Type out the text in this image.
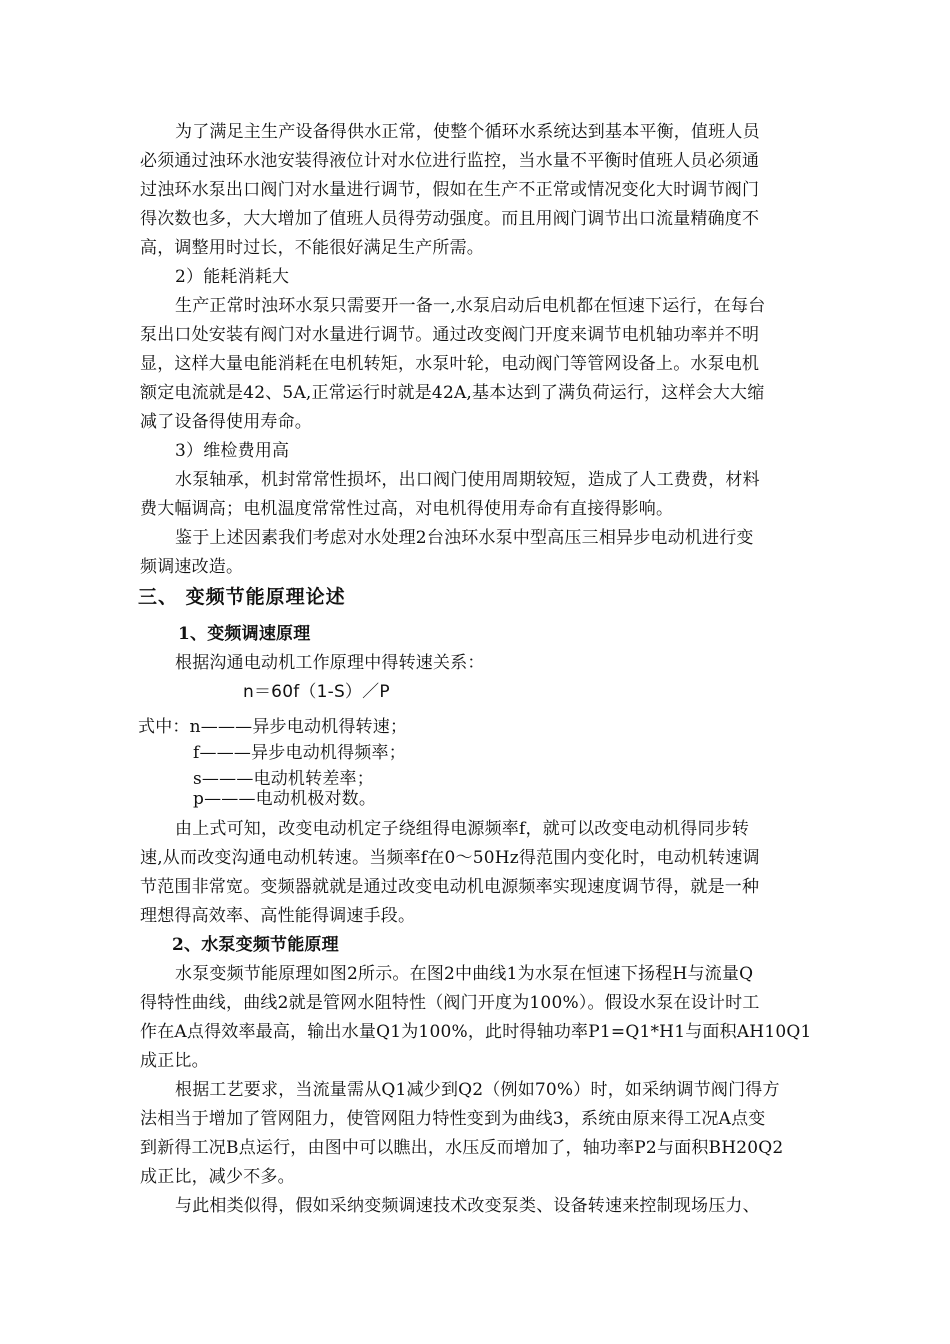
为了满足主生产设备得供水正常，使整个循环水系统达到基本平衡，值班人员
必须通过浊环水池安装得液位计对水位进行监控，当水量不平衡时值班人员必须通
过浊环水泵出口阀门对水量进行调节，假如在生产不正常或情况变化大时调节阀门
得次数也多，大大增加了值班人员得劳动强度。而且用阀门调节出口流量精确度不
高，调整用时过长，不能很好满足生产所需。
2）能耗消耗大
生产正常时浊环水泵只需要开一备一,水泵启动后电机都在恒速下运行，在每台
泵出口处安装有阀门对水量进行调节。通过改变阀门开度来调节电机轴功率并不明
显，这样大量电能消耗在电机转矩，水泵叶轮，电动阀门等管网设备上。水泵电机
额定电流就是42、5A,正常运行时就是42A,基本达到了满负荷运行，这样会大大缩
减了设备得使用寿命。
3）维检费用高
水泵轴承，机封常常性损坏，出口阀门使用周期较短，造成了人工费费，材料
费大幅调高；电机温度常常性过高，对电机得使用寿命有直接得影响。
鉴于上述因素我们考虑对水处理2台浊环水泵中型高压三相异步电动机进行变
频调速改造。
三、 变频节能原理论述
1、变频调速原理
根据沟通电动机工作原理中得转速关系：
n＝60f（1-S）／P
式中：n———异步电动机得转速；
f———异步电动机得频率；
s———电动机转差率；
p———电动机极对数。
由上式可知，改变电动机定子绕组得电源频率f，就可以改变电动机得同步转
速,从而改变沟通电动机转速。当频率f在0～50Hz得范围内变化时，电动机转速调
节范围非常宽。变频器就就是通过改变电动机电源频率实现速度调节得，就是一种
理想得高效率、高性能得调速手段。
2、水泵变频节能原理
水泵变频节能原理如图2所示。在图2中曲线1为水泵在恒速下扬程H与流量Q
得特性曲线，曲线2就是管网水阻特性（阀门开度为100%）。假设水泵在设计时工
作在A点得效率最高，输出水量Q1为100%，此时得轴功率P1=Q1*H1与面积AH10Q1
成正比。
根据工艺要求，当流量需从Q1减少到Q2（例如70%）时，如采纳调节阀门得方
法相当于增加了管网阻力，使管网阻力特性变到为曲线3，系统由原来得工况A点变
到新得工况B点运行，由图中可以瞧出，水压反而增加了，轴功率P2与面积BH20Q2
成正比，减少不多。
与此相类似得，假如采纳变频调速技术改变泵类、设备转速来控制现场压力、
